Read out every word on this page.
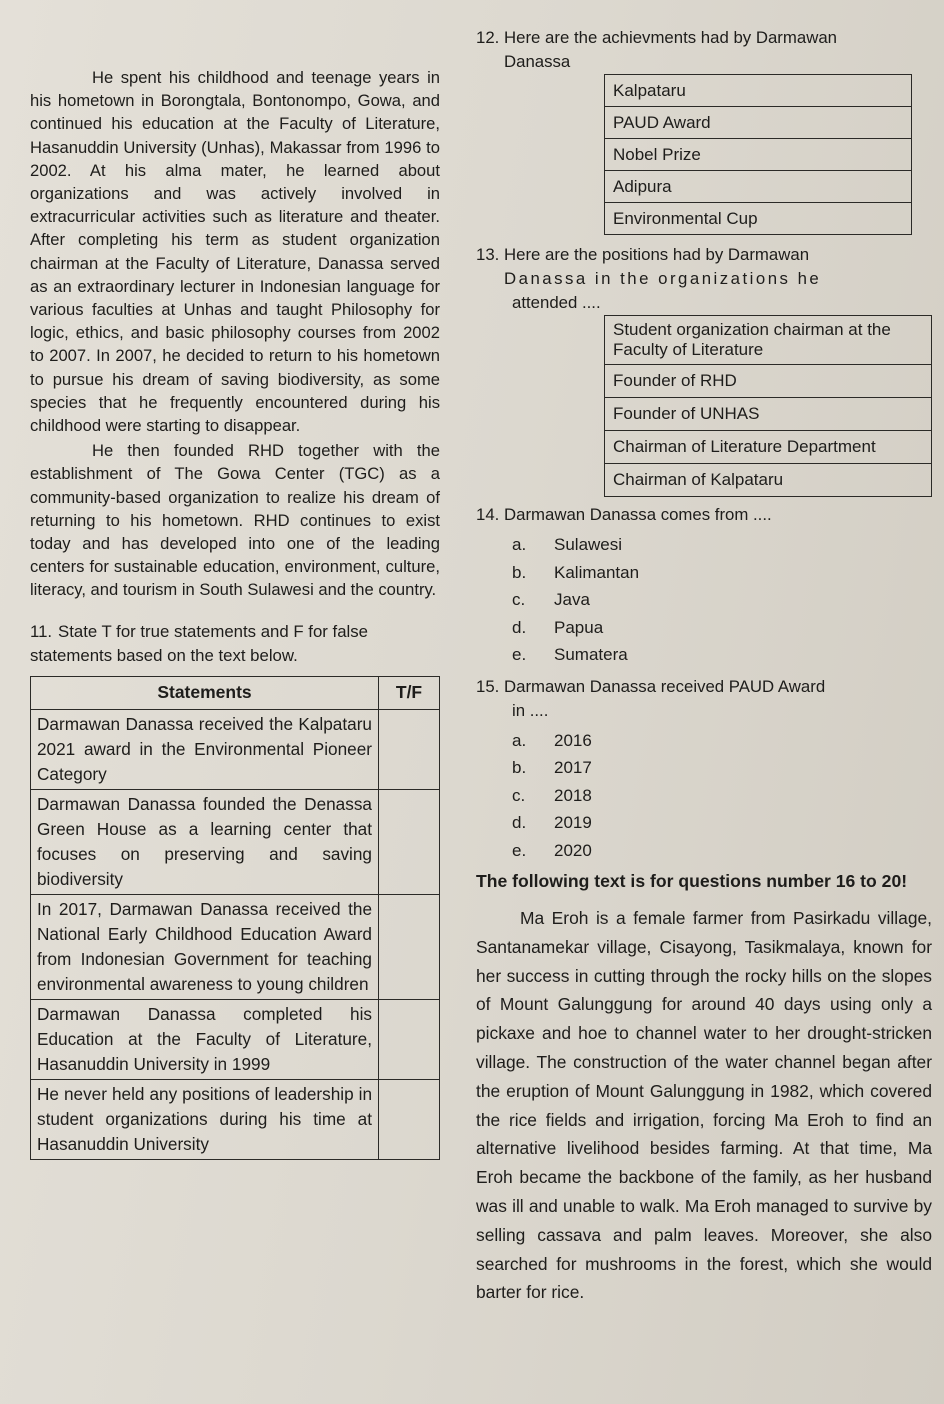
He spent his childhood and teenage years in his hometown in Borongtala, Bontonompo, Gowa, and continued his education at the Faculty of Literature, Hasanuddin University (Unhas), Makassar from 1996 to 2002. At his alma mater, he learned about organizations and was actively involved in extracurricular activities such as literature and theater. After completing his term as student organization chairman at the Faculty of Literature, Danassa served as an extraordinary lecturer in Indonesian language for various faculties at Unhas and taught Philosophy for logic, ethics, and basic philosophy courses from 2002 to 2007. In 2007, he decided to return to his hometown to pursue his dream of saving biodiversity, as some species that he frequently encountered during his childhood were starting to disappear.

He then founded RHD together with the establishment of The Gowa Center (TGC) as a community-based organization to realize his dream of returning to his hometown. RHD continues to exist today and has developed into one of the leading centers for sustainable education, environment, culture, literacy, and tourism in South Sulawesi and the country.

11. State T for true statements and F for false statements based on the text below.

Statements	T/F
Darmawan Danassa received the Kalpataru 2021 award in the Environmental Pioneer Category	
Darmawan Danassa founded the Denassa Green House as a learning center that focuses on preserving and saving biodiversity	
In 2017, Darmawan Danassa received the National Early Childhood Education Award from Indonesian Government for teaching environmental awareness to young children	
Darmawan Danassa completed his Education at the Faculty of Literature, Hasanuddin University in 1999	
He never held any positions of leadership in student organizations during his time at Hasanuddin University	

12. Here are the achievments had by Darmawan

Danassa

	Kalpataru
	PAUD Award
	Nobel Prize
	Adipura
	Environmental Cup

13. Here are the positions had by Darmawan

Danassa in the organizations he

attended ....

	Student organization chairman at the Faculty of Literature
	Founder of RHD
	Founder of UNHAS
	Chairman of Literature Department
	Chairman of Kalpataru

14. Darmawan Danassa comes from ....

a. Sulawesi
b. Kalimantan
c. Java
d. Papua
e. Sumatera

15. Darmawan Danassa received PAUD Award

in ....

a. 2016
b. 2017
c. 2018
d. 2019
e. 2020

The following text is for questions number 16 to 20!

Ma Eroh is a female farmer from Pasirkadu village, Santanamekar village, Cisayong, Tasikmalaya, known for her success in cutting through the rocky hills on the slopes of Mount Galunggung for around 40 days using only a pickaxe and hoe to channel water to her drought-stricken village. The construction of the water channel began after the eruption of Mount Galunggung in 1982, which covered the rice fields and irrigation, forcing Ma Eroh to find an alternative livelihood besides farming. At that time, Ma Eroh became the backbone of the family, as her husband was ill and unable to walk. Ma Eroh managed to survive by selling cassava and palm leaves. Moreover, she also searched for mushrooms in the forest, which she would barter for rice.
